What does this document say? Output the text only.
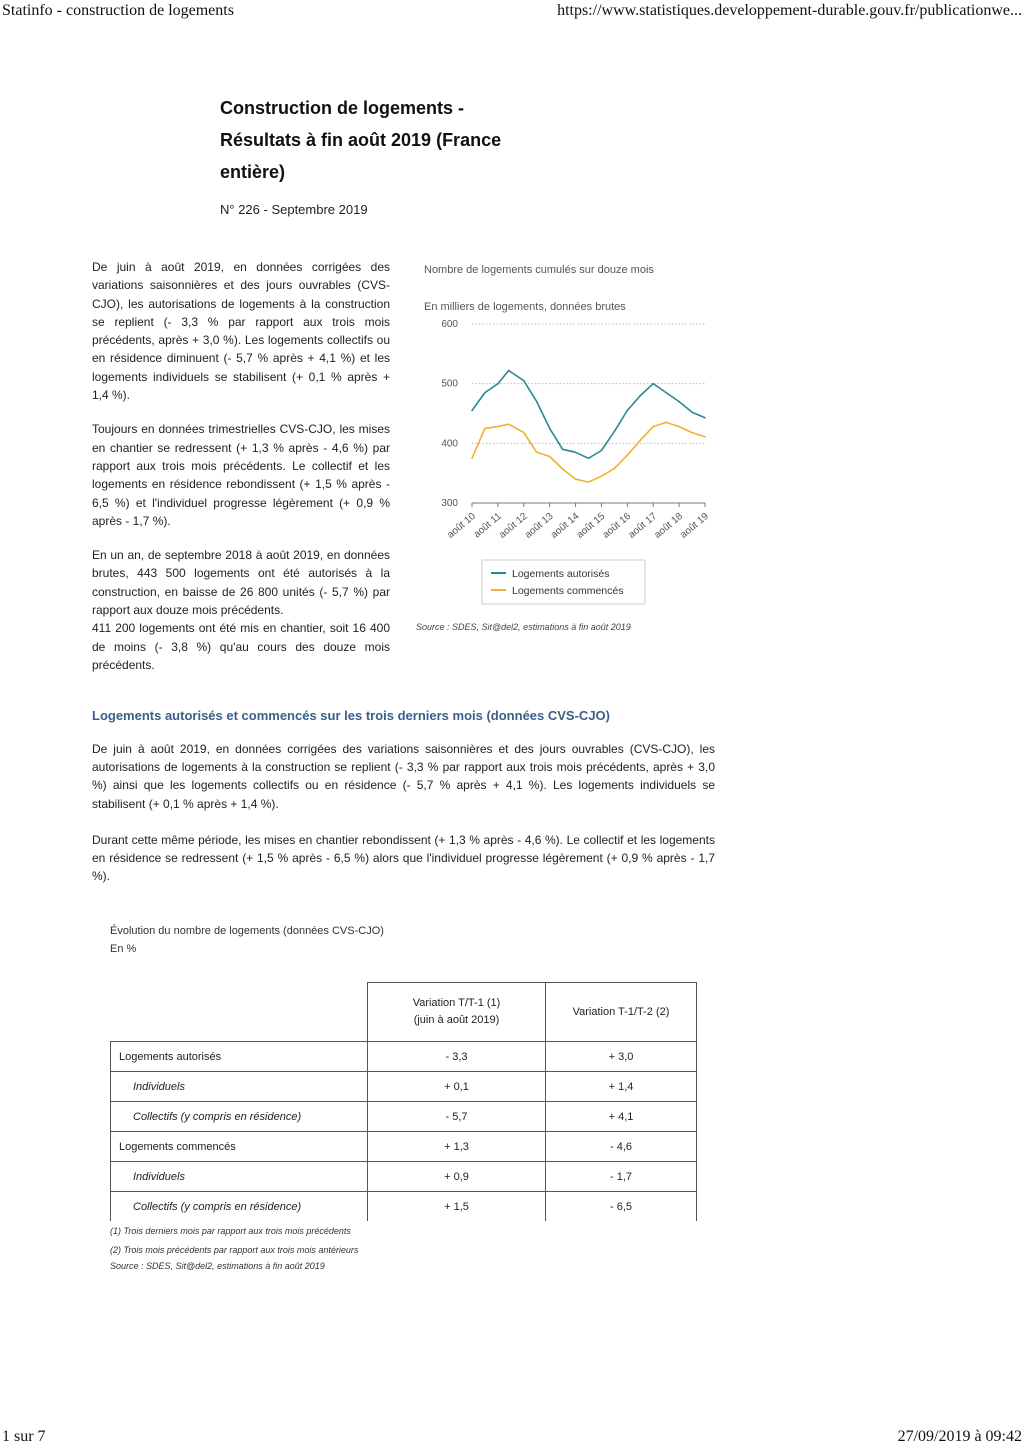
Statinfo - construction de logements	https://www.statistiques.developpement-durable.gouv.fr/publicationwe...
Construction de logements - Résultats à fin août 2019 (France entière)
N° 226 - Septembre 2019

De juin à août 2019, en données corrigées des variations saisonnières et des jours ouvrables (CVS-CJO), les autorisations de logements à la construction se replient (- 3,3 % par rapport aux trois mois précédents, après + 3,0 %). Les logements collectifs ou en résidence diminuent (- 5,7 % après + 4,1 %) et les logements individuels se stabilisent (+ 0,1 % après + 1,4 %).

Toujours en données trimestrielles CVS-CJO, les mises en chantier se redressent (+ 1,3 % après - 4,6 %) par rapport aux trois mois précédents. Le collectif et les logements en résidence rebondissent (+ 1,5 % après - 6,5 %) et l'individuel progresse légèrement (+ 0,9 % après - 1,7 %).

En un an, de septembre 2018 à août 2019, en données brutes, 443 500 logements ont été autorisés à la construction, en baisse de 26 800 unités (- 5,7 %) par rapport aux douze mois précédents.

411 200 logements ont été mis en chantier, soit 16 400 de moins (- 3,8 %) qu'au cours des douze mois précédents.

300
400
500
600
août 10
août 11
août 12
août 13
août 14
août 15
août 16
août 17
août 18
août 19
Logements autorisés
Logements commencés
Nombre de logements cumulés sur douze mois
En milliers de logements, données brutes
Source : SDES, Sit@del2, estimations à fin août 2019
Logements autorisés et commencés sur les trois derniers mois (données CVS-CJO)

De juin à août 2019, en données corrigées des variations saisonnières et des jours ouvrables (CVS-CJO), les autorisations de logements à la construction se replient (- 3,3 % par rapport aux trois mois précédents, après + 3,0 %) ainsi que les logements collectifs ou en résidence (- 5,7 % après + 4,1 %). Les logements individuels se stabilisent (+ 0,1 % après + 1,4 %).

Durant cette même période, les mises en chantier rebondissent (+ 1,3 % après - 4,6 %). Le collectif et les logements en résidence se redressent (+ 1,5 % après - 6,5 %) alors que l'individuel progresse légèrement (+ 0,9 % après - 1,7 %).

Évolution du nombre de logements (données CVS-CJO)
En %

	Variation T/T-1 (1)
(juin à août 2019)	Variation T-1/T-2 (2)
Logements autorisés	- 3,3	+ 3,0
Individuels	+ 0,1	+ 1,4
Collectifs (y compris en résidence)	- 5,7	+ 4,1
Logements commencés	+ 1,3	- 4,6
Individuels	+ 0,9	- 1,7
Collectifs (y compris en résidence)	+ 1,5	- 6,5
(1) Trois derniers mois par rapport aux trois mois précédents
(2) Trois mois précédents par rapport aux trois mois antérieurs
Source : SDES, Sit@del2, estimations à fin août 2019
1 sur 7	27/09/2019 à 09:42
